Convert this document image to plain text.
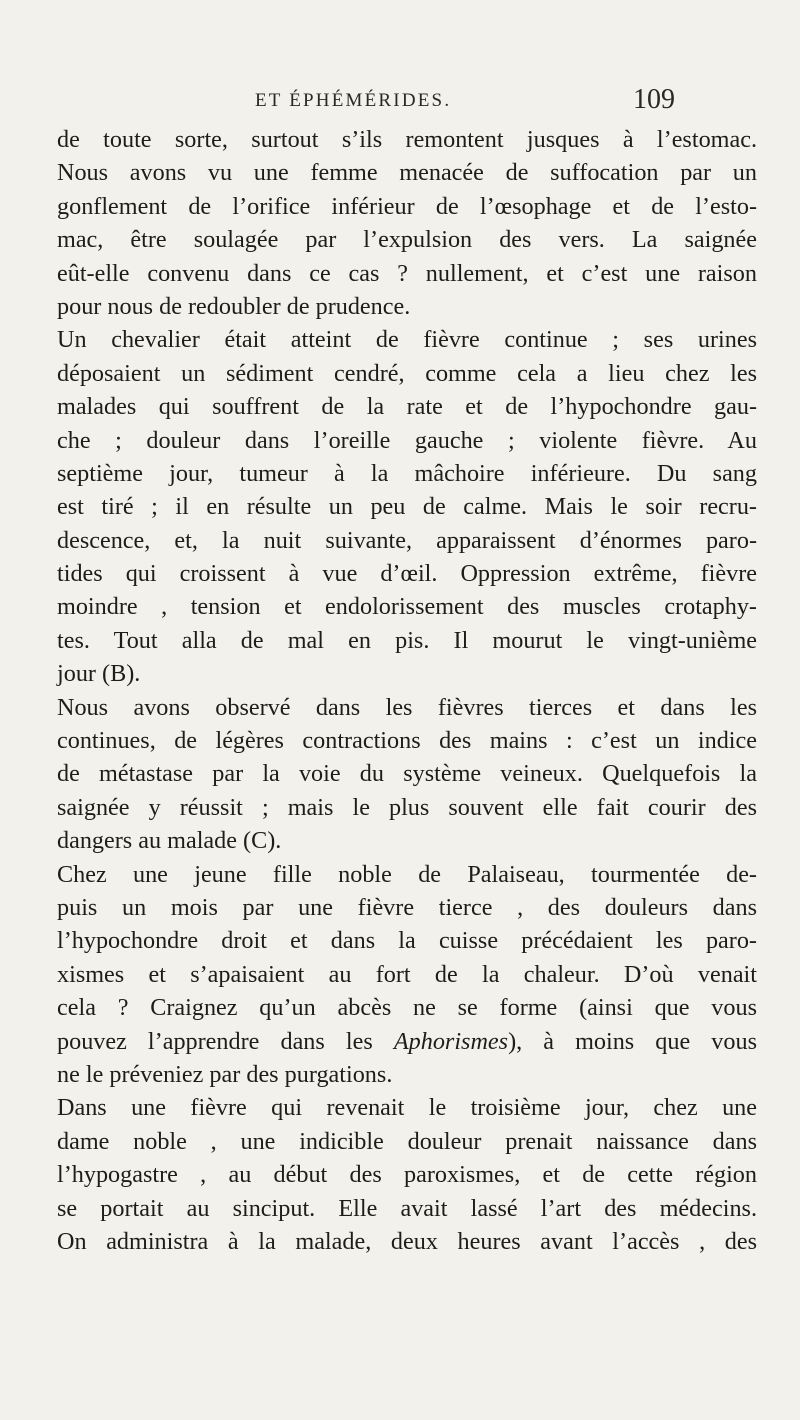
ET ÉPHÉMÉRIDES.	109
de toute sorte, surtout s’ils remontent jusques à l’estomac.
Nous avons vu une femme menacée de suffocation par un
gonflement de l’orifice inférieur de l’œsophage et de l’esto-
mac, être soulagée par l’expulsion des vers. La saignée
eût-elle convenu dans ce cas ? nullement, et c’est une raison
pour nous de redoubler de prudence.
Un chevalier était atteint de fièvre continue ; ses urines
déposaient un sédiment cendré, comme cela a lieu chez les
malades qui souffrent de la rate et de l’hypochondre gau-
che ; douleur dans l’oreille gauche ; violente fièvre. Au
septième jour, tumeur à la mâchoire inférieure. Du sang
est tiré ; il en résulte un peu de calme. Mais le soir recru-
descence, et, la nuit suivante, apparaissent d’énormes paro-
tides qui croissent à vue d’œil. Oppression extrême, fièvre
moindre , tension et endolorissement des muscles crotaphy-
tes. Tout alla de mal en pis. Il mourut le vingt-unième
jour (B).
Nous avons observé dans les fièvres tierces et dans les
continues, de légères contractions des mains : c’est un indice
de métastase par la voie du système veineux. Quelquefois la
saignée y réussit ; mais le plus souvent elle fait courir des
dangers au malade (C).
Chez une jeune fille noble de Palaiseau, tourmentée de-
puis un mois par une fièvre tierce , des douleurs dans
l’hypochondre droit et dans la cuisse précédaient les paro-
xismes et s’apaisaient au fort de la chaleur. D’où venait
cela ? Craignez qu’un abcès ne se forme (ainsi que vous
pouvez l’apprendre dans les Aphorismes), à moins que vous
ne le préveniez par des purgations.
Dans une fièvre qui revenait le troisième jour, chez une
dame noble , une indicible douleur prenait naissance dans
l’hypogastre , au début des paroxismes, et de cette région
se portait au sinciput. Elle avait lassé l’art des médecins.
On administra à la malade, deux heures avant l’accès , des
